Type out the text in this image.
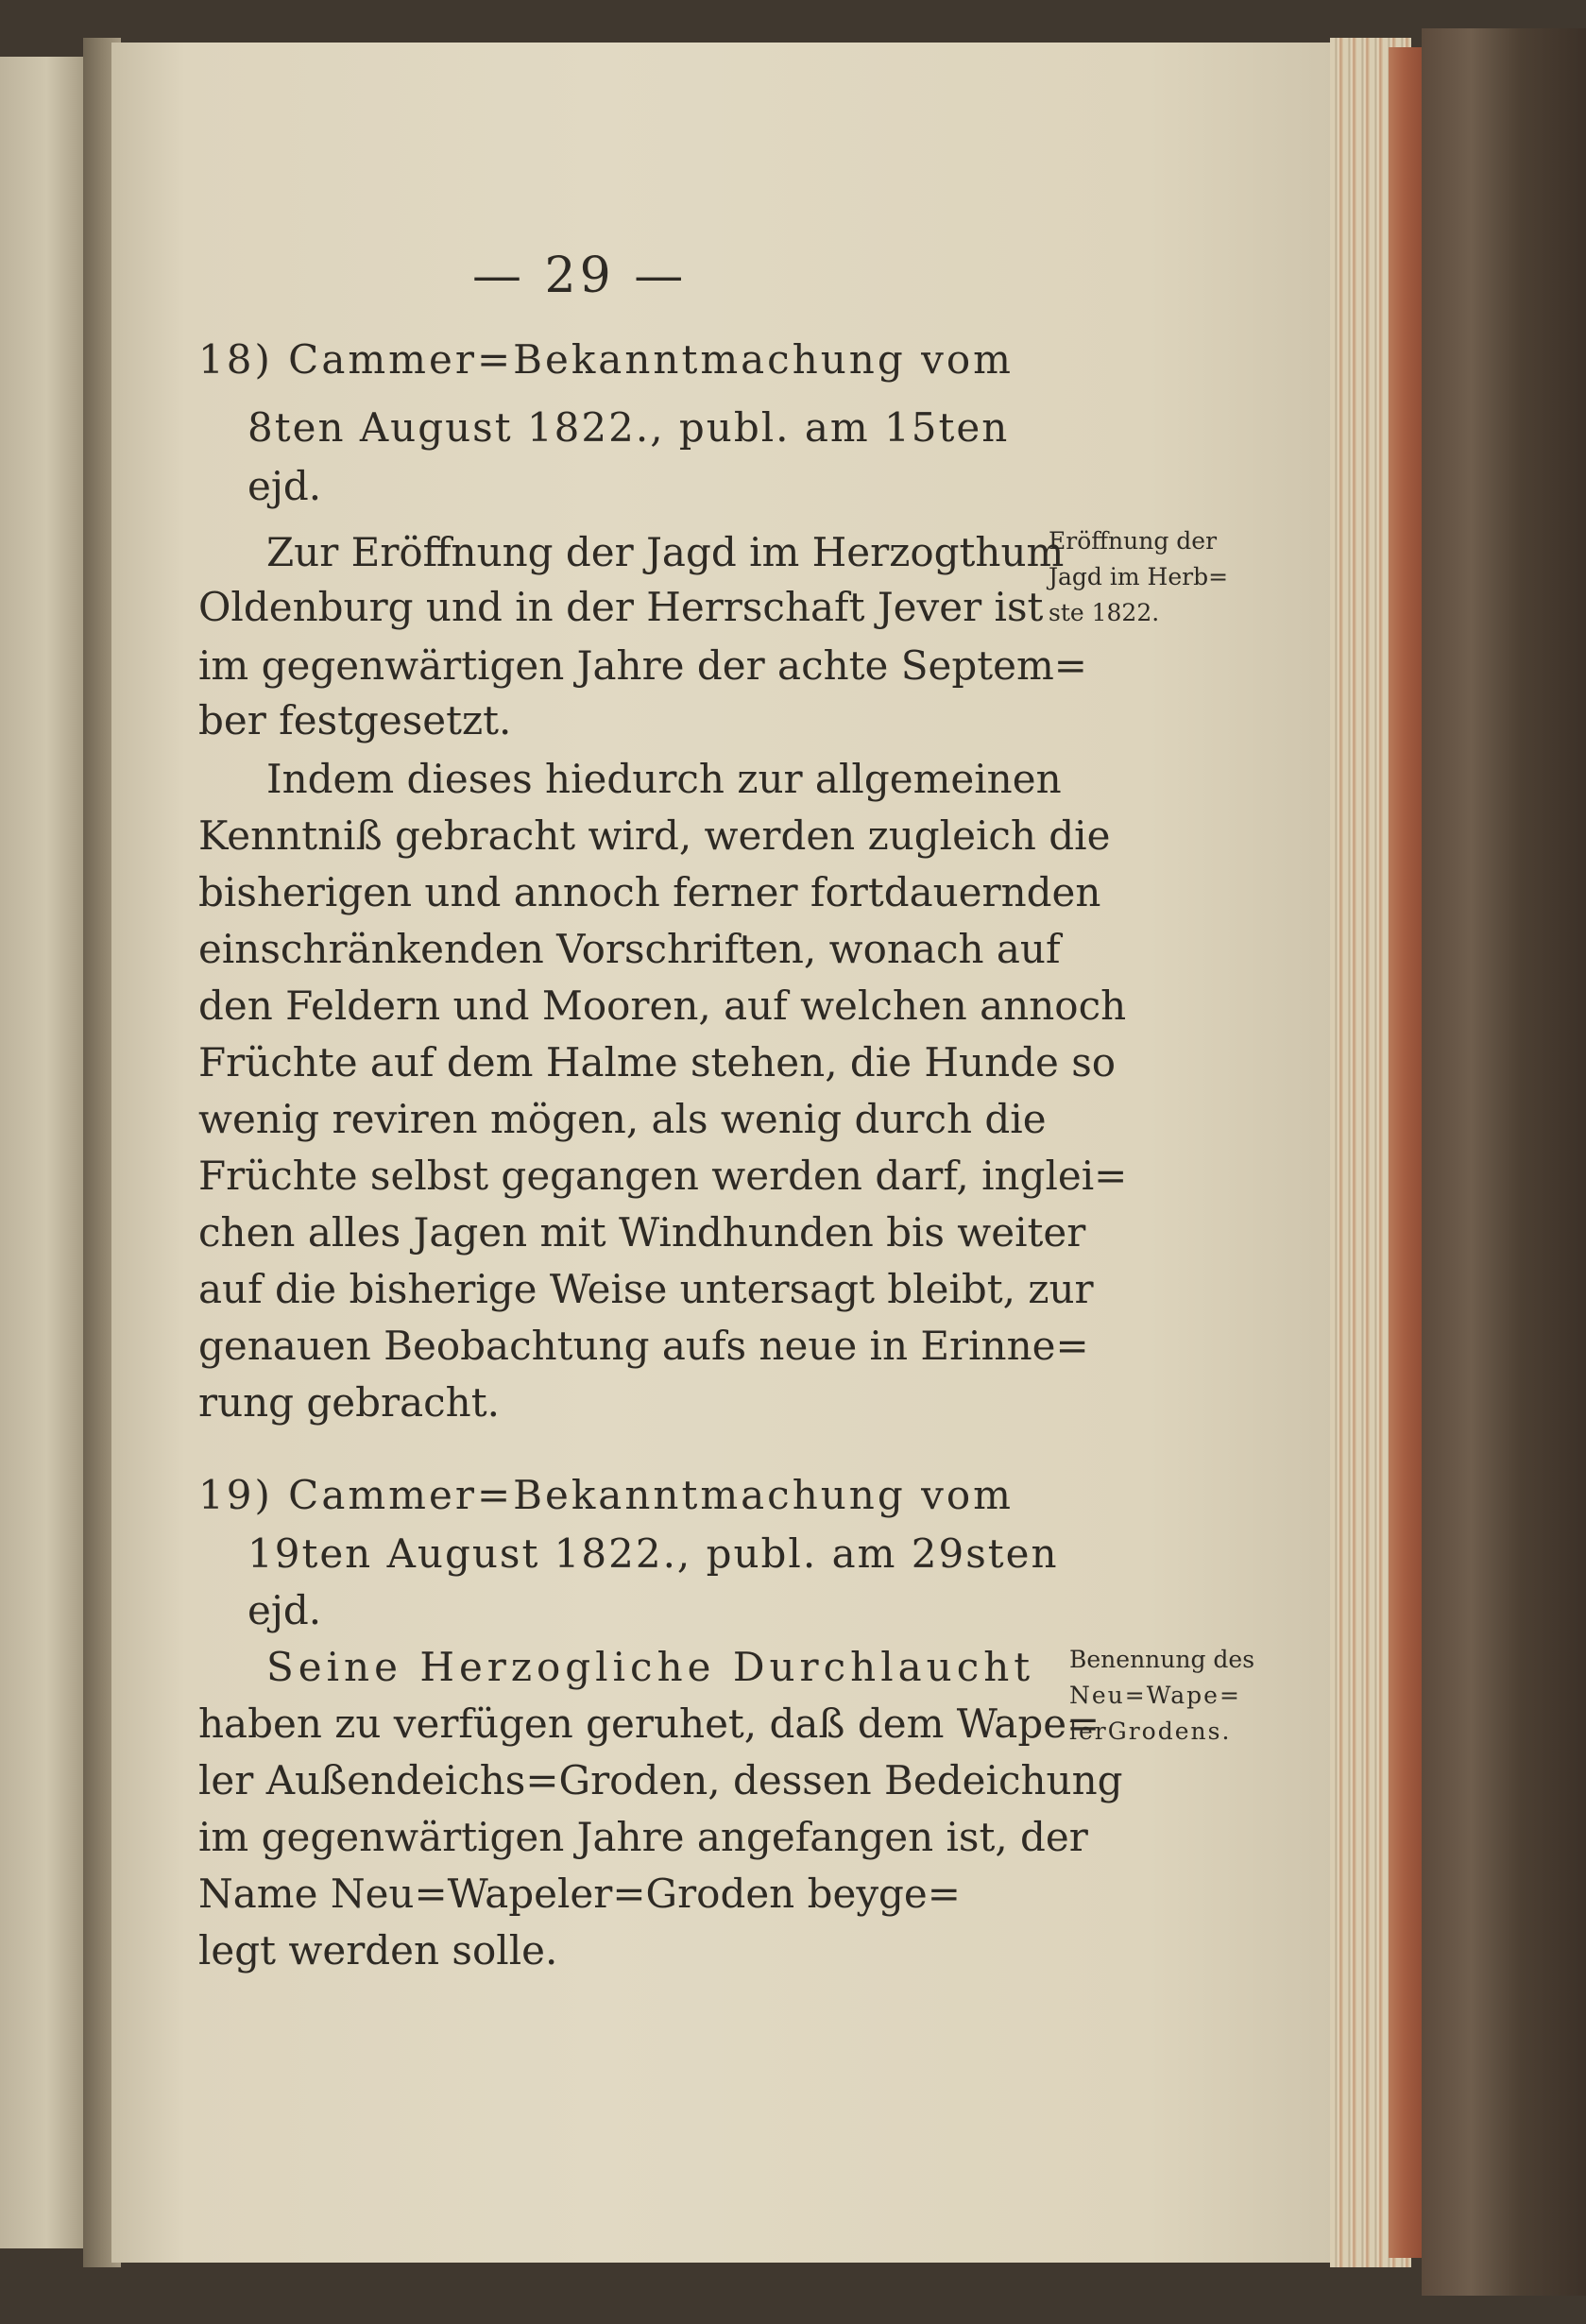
— 29 —
18) Cammer=Bekanntmachung vom
8ten August 1822., publ. am 15ten
ejd.
Zur Eröffnung der Jagd im Herzogthum
Oldenburg und in der Herrschaft Jever ist
im gegenwärtigen Jahre der achte Septem=
ber festgesetzt.
Indem dieses hiedurch zur allgemeinen
Kenntniß gebracht wird, werden zugleich die
bisherigen und annoch ferner fortdauernden
einschränkenden Vorschriften, wonach auf
den Feldern und Mooren, auf welchen annoch
Früchte auf dem Halme stehen, die Hunde so
wenig reviren mögen, als wenig durch die
Früchte selbst gegangen werden darf, inglei=
chen alles Jagen mit Windhunden bis weiter
auf die bisherige Weise untersagt bleibt, zur
genauen Beobachtung aufs neue in Erinne=
rung gebracht.
19) Cammer=Bekanntmachung vom
19ten August 1822., publ. am 29sten
ejd.
Seine Herzogliche Durchlaucht
haben zu verfügen geruhet, daß dem Wape=
ler Außendeichs=Groden, dessen Bedeichung
im gegenwärtigen Jahre angefangen ist, der
Name Neu=Wapeler=Groden beyge=
legt werden solle.
Eröffnung der
Jagd im Herb=
ste 1822.
Benennung des
Neu=Wape=
lerGrodens.
